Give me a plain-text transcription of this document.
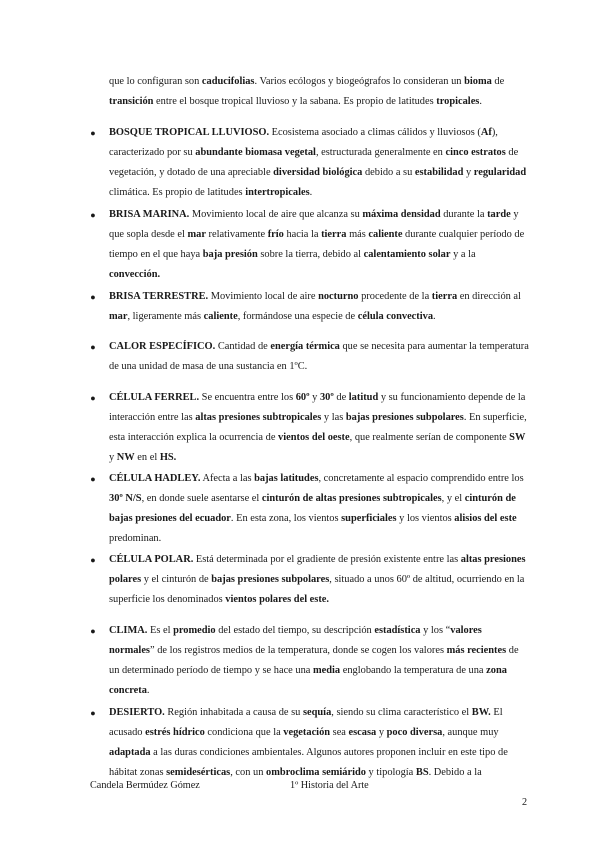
que lo configuran son caducifolias. Varios ecólogos y biogeógrafos lo consideran un bioma de transición entre el bosque tropical lluvioso y la sabana. Es propio de latitudes tropicales.

● BOSQUE TROPICAL LLUVIOSO. Ecosistema asociado a climas cálidos y lluviosos (Af), caracterizado por su abundante biomasa vegetal, estructurada generalmente en cinco estratos de vegetación, y dotado de una apreciable diversidad biológica debido a su estabilidad y regularidad climática. Es propio de latitudes intertropicales.

● BRISA MARINA. Movimiento local de aire que alcanza su máxima densidad durante la tarde y que sopla desde el mar relativamente frío hacia la tierra más caliente durante cualquier período de tiempo en el que haya baja presión sobre la tierra, debido al calentamiento solar y a la convección.

● BRISA TERRESTRE. Movimiento local de aire nocturno procedente de la tierra en dirección al mar, ligeramente más caliente, formándose una especie de célula convectiva.

● CALOR ESPECÍFICO. Cantidad de energía térmica que se necesita para aumentar la temperatura de una unidad de masa de una sustancia en 1ºC.

● CÉLULA FERREL. Se encuentra entre los 60º y 30º de latitud y su funcionamiento depende de la interacción entre las altas presiones subtropicales y las bajas presiones subpolares. En superficie, esta interacción explica la ocurrencia de vientos del oeste, que realmente serían de componente SW y NW en el HS.

● CÉLULA HADLEY. Afecta a las bajas latitudes, concretamente al espacio comprendido entre los 30º N/S, en donde suele asentarse el cinturón de altas presiones subtropicales, y el cinturón de bajas presiones del ecuador. En esta zona, los vientos superficiales y los vientos alisios del este predominan.

● CÉLULA POLAR. Está determinada por el gradiente de presión existente entre las altas presiones polares y el cinturón de bajas presiones subpolares, situado a unos 60º de altitud, ocurriendo en la superficie los denominados vientos polares del este.

● CLIMA. Es el promedio del estado del tiempo, su descripción estadística y los “valores normales” de los registros medios de la temperatura, donde se cogen los valores más recientes de un determinado período de tiempo y se hace una media englobando la temperatura de una zona concreta.

● DESIERTO. Región inhabitada a causa de su sequía, siendo su clima característico el BW. El acusado estrés hídrico condiciona que la vegetación sea escasa y poco diversa, aunque muy adaptada a las duras condiciones ambientales. Algunos autores proponen incluir en este tipo de hábitat zonas semidesérticas, con un ombroclima semiárido y tipología BS. Debido a la

Candela Bermúdez Gómez	1º Historia del Arte
2
